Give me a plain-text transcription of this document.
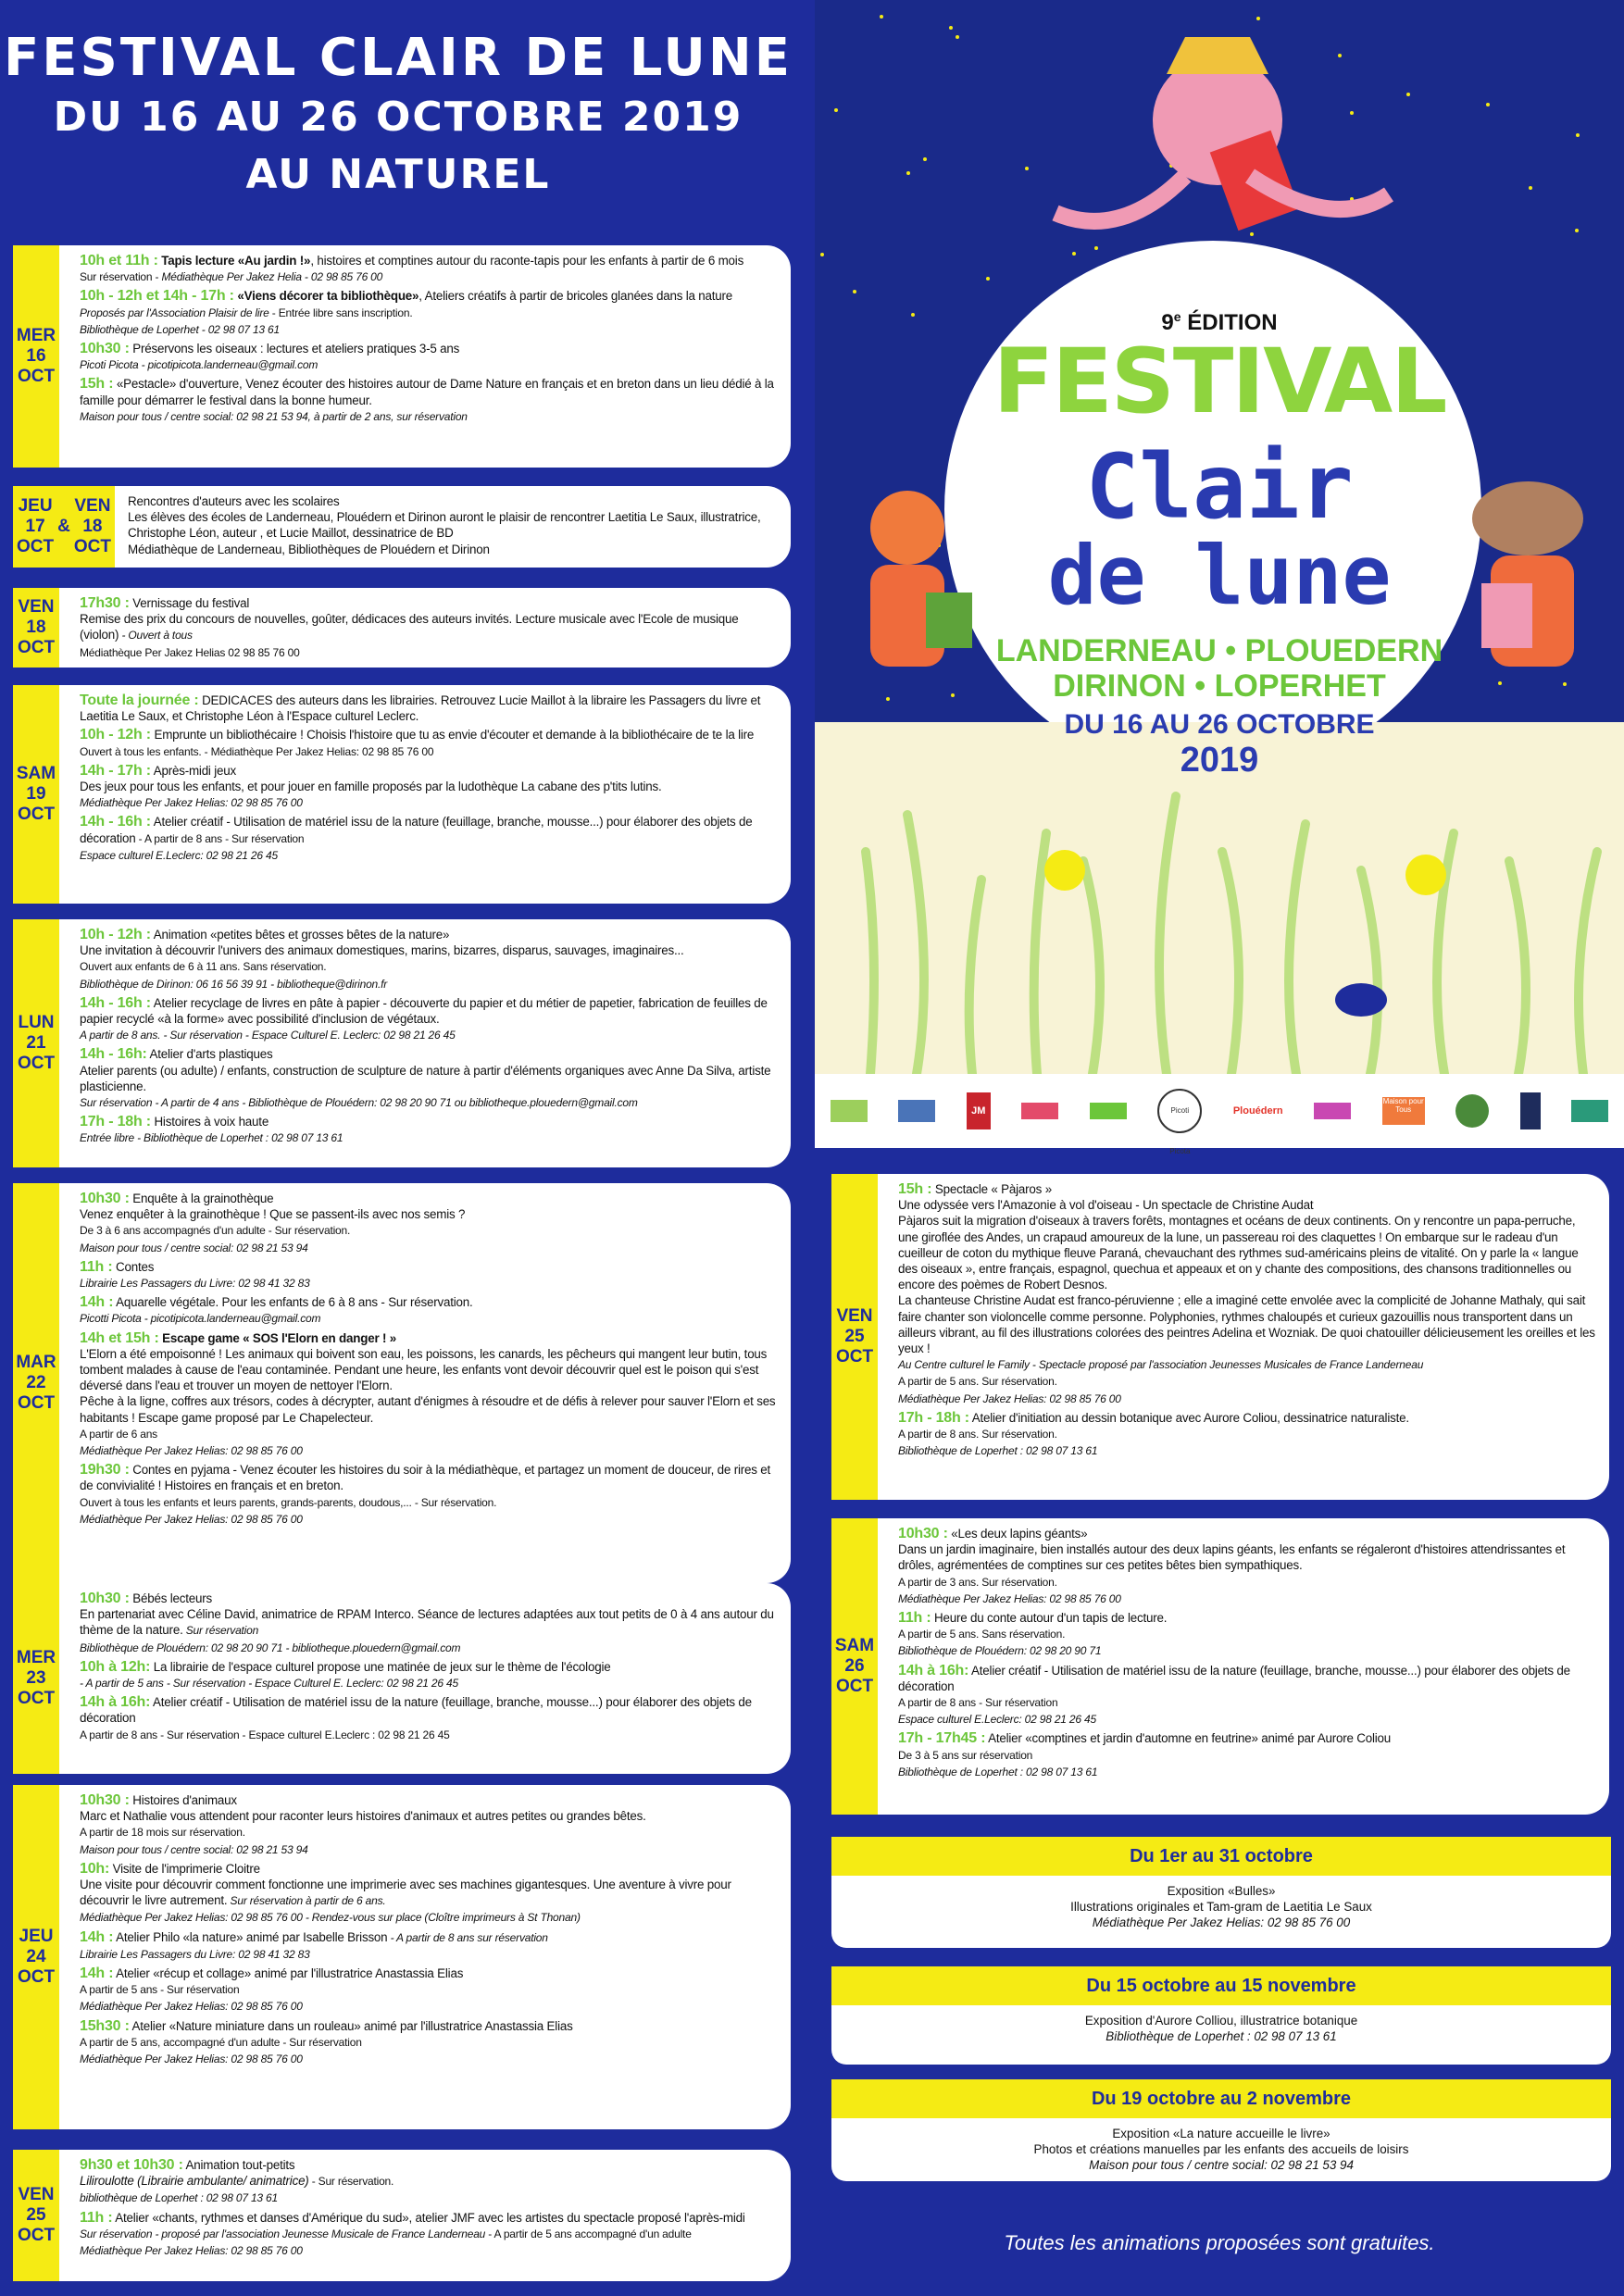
FESTIVAL CLAIR DE LUNE
DU 16 AU 26 OCTOBRE 2019
AU NATUREL
MER
16
OCT
10h et 11h : Tapis lecture «Au jardin !», histoires et comptines autour du raconte-tapis pour les enfants à partir de 6 mois
Sur réservation - Médiathèque Per Jakez Helia - 02 98 85 76 00
10h - 12h et 14h - 17h : «Viens décorer ta bibliothèque», Ateliers créatifs à partir de bricoles glanées dans la nature
Proposés par l'Association Plaisir de lire - Entrée libre sans inscription.
Bibliothèque de Loperhet - 02 98 07 13 61
10h30 : Préservons les oiseaux : lectures et ateliers pratiques 3-5 ans
Picoti Picota - picotipicota.landerneau@gmail.com
15h : «Pestacle» d'ouverture, Venez écouter des histoires autour de Dame Nature en français et en breton dans un lieu dédié à la famille pour démarrer le festival dans la bonne humeur.
Maison pour tous / centre social: 02 98 21 53 94, à partir de 2 ans, sur réservation
JEU
17
OCT
&
VEN
18
OCT
Rencontres d'auteurs avec les scolaires
Les élèves des écoles de Landerneau, Plouédern et Dirinon auront le plaisir de rencontrer Laetitia Le Saux, illustratrice, Christophe Léon, auteur , et Lucie Maillot, dessinatrice de BD
Médiathèque de Landerneau, Bibliothèques de Plouédern et Dirinon
VEN
18
OCT
17h30 : Vernissage du festival
Remise des prix du concours de nouvelles, goûter, dédicaces des auteurs invités. Lecture musicale avec l'Ecole de musique (violon) - Ouvert à tous
Médiathèque Per Jakez Helias 02 98 85 76 00
SAM
19
OCT
Toute la journée : DEDICACES des auteurs dans les librairies. Retrouvez Lucie Maillot à la libraire les Passagers du livre et Laetitia Le Saux, et Christophe Léon à l'Espace culturel Leclerc.
10h - 12h : Emprunte un bibliothécaire ! Choisis l'histoire que tu as envie d'écouter et demande à la bibliothécaire de te la lire
Ouvert à tous les enfants. - Médiathèque Per Jakez Helias: 02 98 85 76 00
14h - 17h : Après-midi jeux
Des jeux pour tous les enfants, et pour jouer en famille proposés par la ludothèque La cabane des p'tits lutins.
Médiathèque Per Jakez Helias: 02 98 85 76 00
14h - 16h : Atelier créatif - Utilisation de matériel issu de la nature (feuillage, branche, mousse...) pour élaborer des objets de décoration - A partir de 8 ans - Sur réservation
Espace culturel E.Leclerc: 02 98 21 26 45
LUN
21
OCT
10h - 12h : Animation «petites bêtes et grosses bêtes de la nature»
Une invitation à découvrir l'univers des animaux domestiques, marins, bizarres, disparus, sauvages, imaginaires...
Ouvert aux enfants de 6 à 11 ans. Sans réservation.
Bibliothèque de Dirinon: 06 16 56 39 91 - bibliotheque@dirinon.fr
14h - 16h : Atelier recyclage de livres en pâte à papier - découverte du papier et du métier de papetier, fabrication de feuilles de papier recyclé «à la forme» avec possibilité d'inclusion de végétaux.
A partir de 8 ans. - Sur réservation - Espace Culturel E. Leclerc: 02 98 21 26 45
14h - 16h: Atelier d'arts plastiques
Atelier parents (ou adulte) / enfants, construction de sculpture de nature à partir d'éléments organiques avec Anne Da Silva, artiste plasticienne.
Sur réservation - A partir de 4 ans - Bibliothèque de Plouédern: 02 98 20 90 71 ou bibliotheque.plouedern@gmail.com
17h - 18h : Histoires à voix haute
Entrée libre - Bibliothèque de Loperhet : 02 98 07 13 61
MAR
22
OCT
10h30 : Enquête à la grainothèque
Venez enquêter à la grainothèque ! Que se passent-ils avec nos semis ?
De 3 à 6 ans accompagnés d'un adulte - Sur réservation.
Maison pour tous / centre social: 02 98 21 53 94
11h : Contes
Librairie Les Passagers du Livre: 02 98 41 32 83
14h : Aquarelle végétale. Pour les enfants de 6 à 8 ans - Sur réservation.
Picotti Picota - picotipicota.landerneau@gmail.com
14h et 15h : Escape game « SOS l'Elorn en danger ! »
L'Elorn a été empoisonné ! Les animaux qui boivent son eau, les poissons, les canards, les pêcheurs qui mangent leur butin, tous tombent malades à cause de l'eau contaminée. Pendant une heure, les enfants vont devoir découvrir quel est le poison qui s'est déversé dans l'eau et trouver un moyen de nettoyer l'Elorn.
Pêche à la ligne, coffres aux trésors, codes à décrypter, autant d'énigmes à résoudre et de défis à relever pour sauver l'Elorn et ses habitants ! Escape game proposé par Le Chapelecteur.
A partir de 6 ans
Médiathèque Per Jakez Helias: 02 98 85 76 00
19h30 : Contes en pyjama - Venez écouter les histoires du soir à la médiathèque, et partagez un moment de douceur, de rires et de convivialité ! Histoires en français et en breton.
Ouvert à tous les enfants et leurs parents, grands-parents, doudous,... - Sur réservation.
Médiathèque Per Jakez Helias: 02 98 85 76 00
MER
23
OCT
10h30 : Bébés lecteurs
En partenariat avec Céline David, animatrice de RPAM Interco. Séance de lectures adaptées aux tout petits de 0 à 4 ans autour du thème de la nature. Sur réservation
Bibliothèque de Plouédern: 02 98 20 90 71 - bibliotheque.plouedern@gmail.com
10h à 12h: La librairie de l'espace culturel propose une matinée de jeux sur le thème de l'écologie
- A partir de 5 ans - Sur réservation - Espace Culturel E. Leclerc: 02 98 21 26 45
14h à 16h: Atelier créatif - Utilisation de matériel issu de la nature (feuillage, branche, mousse...) pour élaborer des objets de décoration
A partir de 8 ans - Sur réservation - Espace culturel E.Leclerc : 02 98 21 26 45
JEU
24
OCT
10h30 : Histoires d'animaux
Marc et Nathalie vous attendent pour raconter leurs histoires d'animaux et autres petites ou grandes bêtes.
A partir de 18 mois sur réservation.
Maison pour tous / centre social: 02 98 21 53 94
10h: Visite de l'imprimerie Cloitre
Une visite pour découvrir comment fonctionne une imprimerie avec ses machines gigantesques. Une aventure à vivre pour découvrir le livre autrement. Sur réservation à partir de 6 ans.
Médiathèque Per Jakez Helias: 02 98 85 76 00 - Rendez-vous sur place (Cloître imprimeurs à St Thonan)
14h : Atelier Philo «la nature» animé par Isabelle Brisson - A partir de 8 ans sur réservation
Librairie Les Passagers du Livre: 02 98 41 32 83
14h : Atelier «récup et collage» animé par l'illustratrice Anastassia Elias
A partir de 5 ans - Sur réservation
Médiathèque Per Jakez Helias: 02 98 85 76 00
15h30 : Atelier «Nature miniature dans un rouleau» animé par l'illustratrice Anastassia Elias
A partir de 5 ans, accompagné d'un adulte - Sur réservation
Médiathèque Per Jakez Helias: 02 98 85 76 00
VEN
25
OCT
9h30 et 10h30 : Animation tout-petits
Liliroulotte (Librairie ambulante/ animatrice) - Sur réservation.
bibliothèque de Loperhet : 02 98 07 13 61
11h : Atelier «chants, rythmes et danses d'Amérique du sud», atelier JMF avec les artistes du spectacle proposé l'après-midi
Sur réservation - proposé par l'association Jeunesse Musicale de France Landerneau - A partir de 5 ans accompagné d'un adulte
Médiathèque Per Jakez Helias: 02 98 85 76 00
9e ÉDITION
FESTIVAL
Clair
de lune
LANDERNEAU • PLOUEDERN
DIRINON • LOPERHET
DU 16 AU 26 OCTOBRE
2019
JM	Picoti Picota
Plouédern
Maison pour Tous
VEN
25
OCT
15h : Spectacle « Pàjaros »
Une odyssée vers l'Amazonie à vol d'oiseau - Un spectacle de Christine Audat
Pàjaros suit la migration d'oiseaux à travers forêts, montagnes et océans de deux continents. On y rencontre un papa-perruche, une giroflée des Andes, un crapaud amoureux de la lune, un passereau roi des claquettes ! On embarque sur le radeau d'un cueilleur de coton du mythique fleuve Paraná, chevauchant des rythmes sud-américains pleins de vitalité. On y parle la « langue des oiseaux », entre français, espagnol, quechua et appeaux et on y chante des compositions, des chansons traditionnelles ou encore des poèmes de Robert Desnos.
La chanteuse Christine Audat est franco-péruvienne ; elle a imaginé cette envolée avec la complicité de Johanne Mathaly, qui sait faire chanter son violoncelle comme personne. Polyphonies, rythmes chaloupés et curieux gazouillis nous transportent dans un ailleurs vibrant, au fil des illustrations colorées des peintres Adelina et Wozniak. De quoi chatouiller délicieusement les oreilles et les yeux !
Au Centre culturel le Family - Spectacle proposé par l'association Jeunesses Musicales de France Landerneau
A partir de 5 ans. Sur réservation.
Médiathèque Per Jakez Helias: 02 98 85 76 00
17h - 18h : Atelier d'initiation au dessin botanique avec Aurore Coliou, dessinatrice naturaliste.
A partir de 8 ans. Sur réservation.
Bibliothèque de Loperhet : 02 98 07 13 61
SAM
26
OCT
10h30 : «Les deux lapins géants»
Dans un jardin imaginaire, bien installés autour des deux lapins géants, les enfants se régaleront d'histoires attendrissantes et drôles, agrémentées de comptines sur ces petites bêtes bien sympathiques.
A partir de 3 ans. Sur réservation.
Médiathèque Per Jakez Helias: 02 98 85 76 00
11h : Heure du conte autour d'un tapis de lecture.
A partir de 5 ans. Sans réservation.
Bibliothèque de Plouédern: 02 98 20 90 71
14h à 16h: Atelier créatif - Utilisation de matériel issu de la nature (feuillage, branche, mousse...) pour élaborer des objets de décoration
A partir de 8 ans - Sur réservation
Espace culturel E.Leclerc: 02 98 21 26 45
17h - 17h45 : Atelier «comptines et jardin d'automne en feutrine» animé par Aurore Coliou
De 3 à 5 ans sur réservation
Bibliothèque de Loperhet : 02 98 07 13 61
Du 1er au 31 octobre
Exposition «Bulles»
Illustrations originales et Tam-gram de Laetitia Le Saux
Médiathèque Per Jakez Helias: 02 98 85 76 00
Du 15 octobre au 15 novembre
Exposition d'Aurore Colliou, illustratrice botanique
Bibliothèque de Loperhet : 02 98 07 13 61
Du 19 octobre au 2 novembre
Exposition «La nature accueille le livre»
Photos et créations manuelles par les enfants des accueils de loisirs
Maison pour tous / centre social: 02 98 21 53 94
Toutes les animations proposées sont gratuites.
